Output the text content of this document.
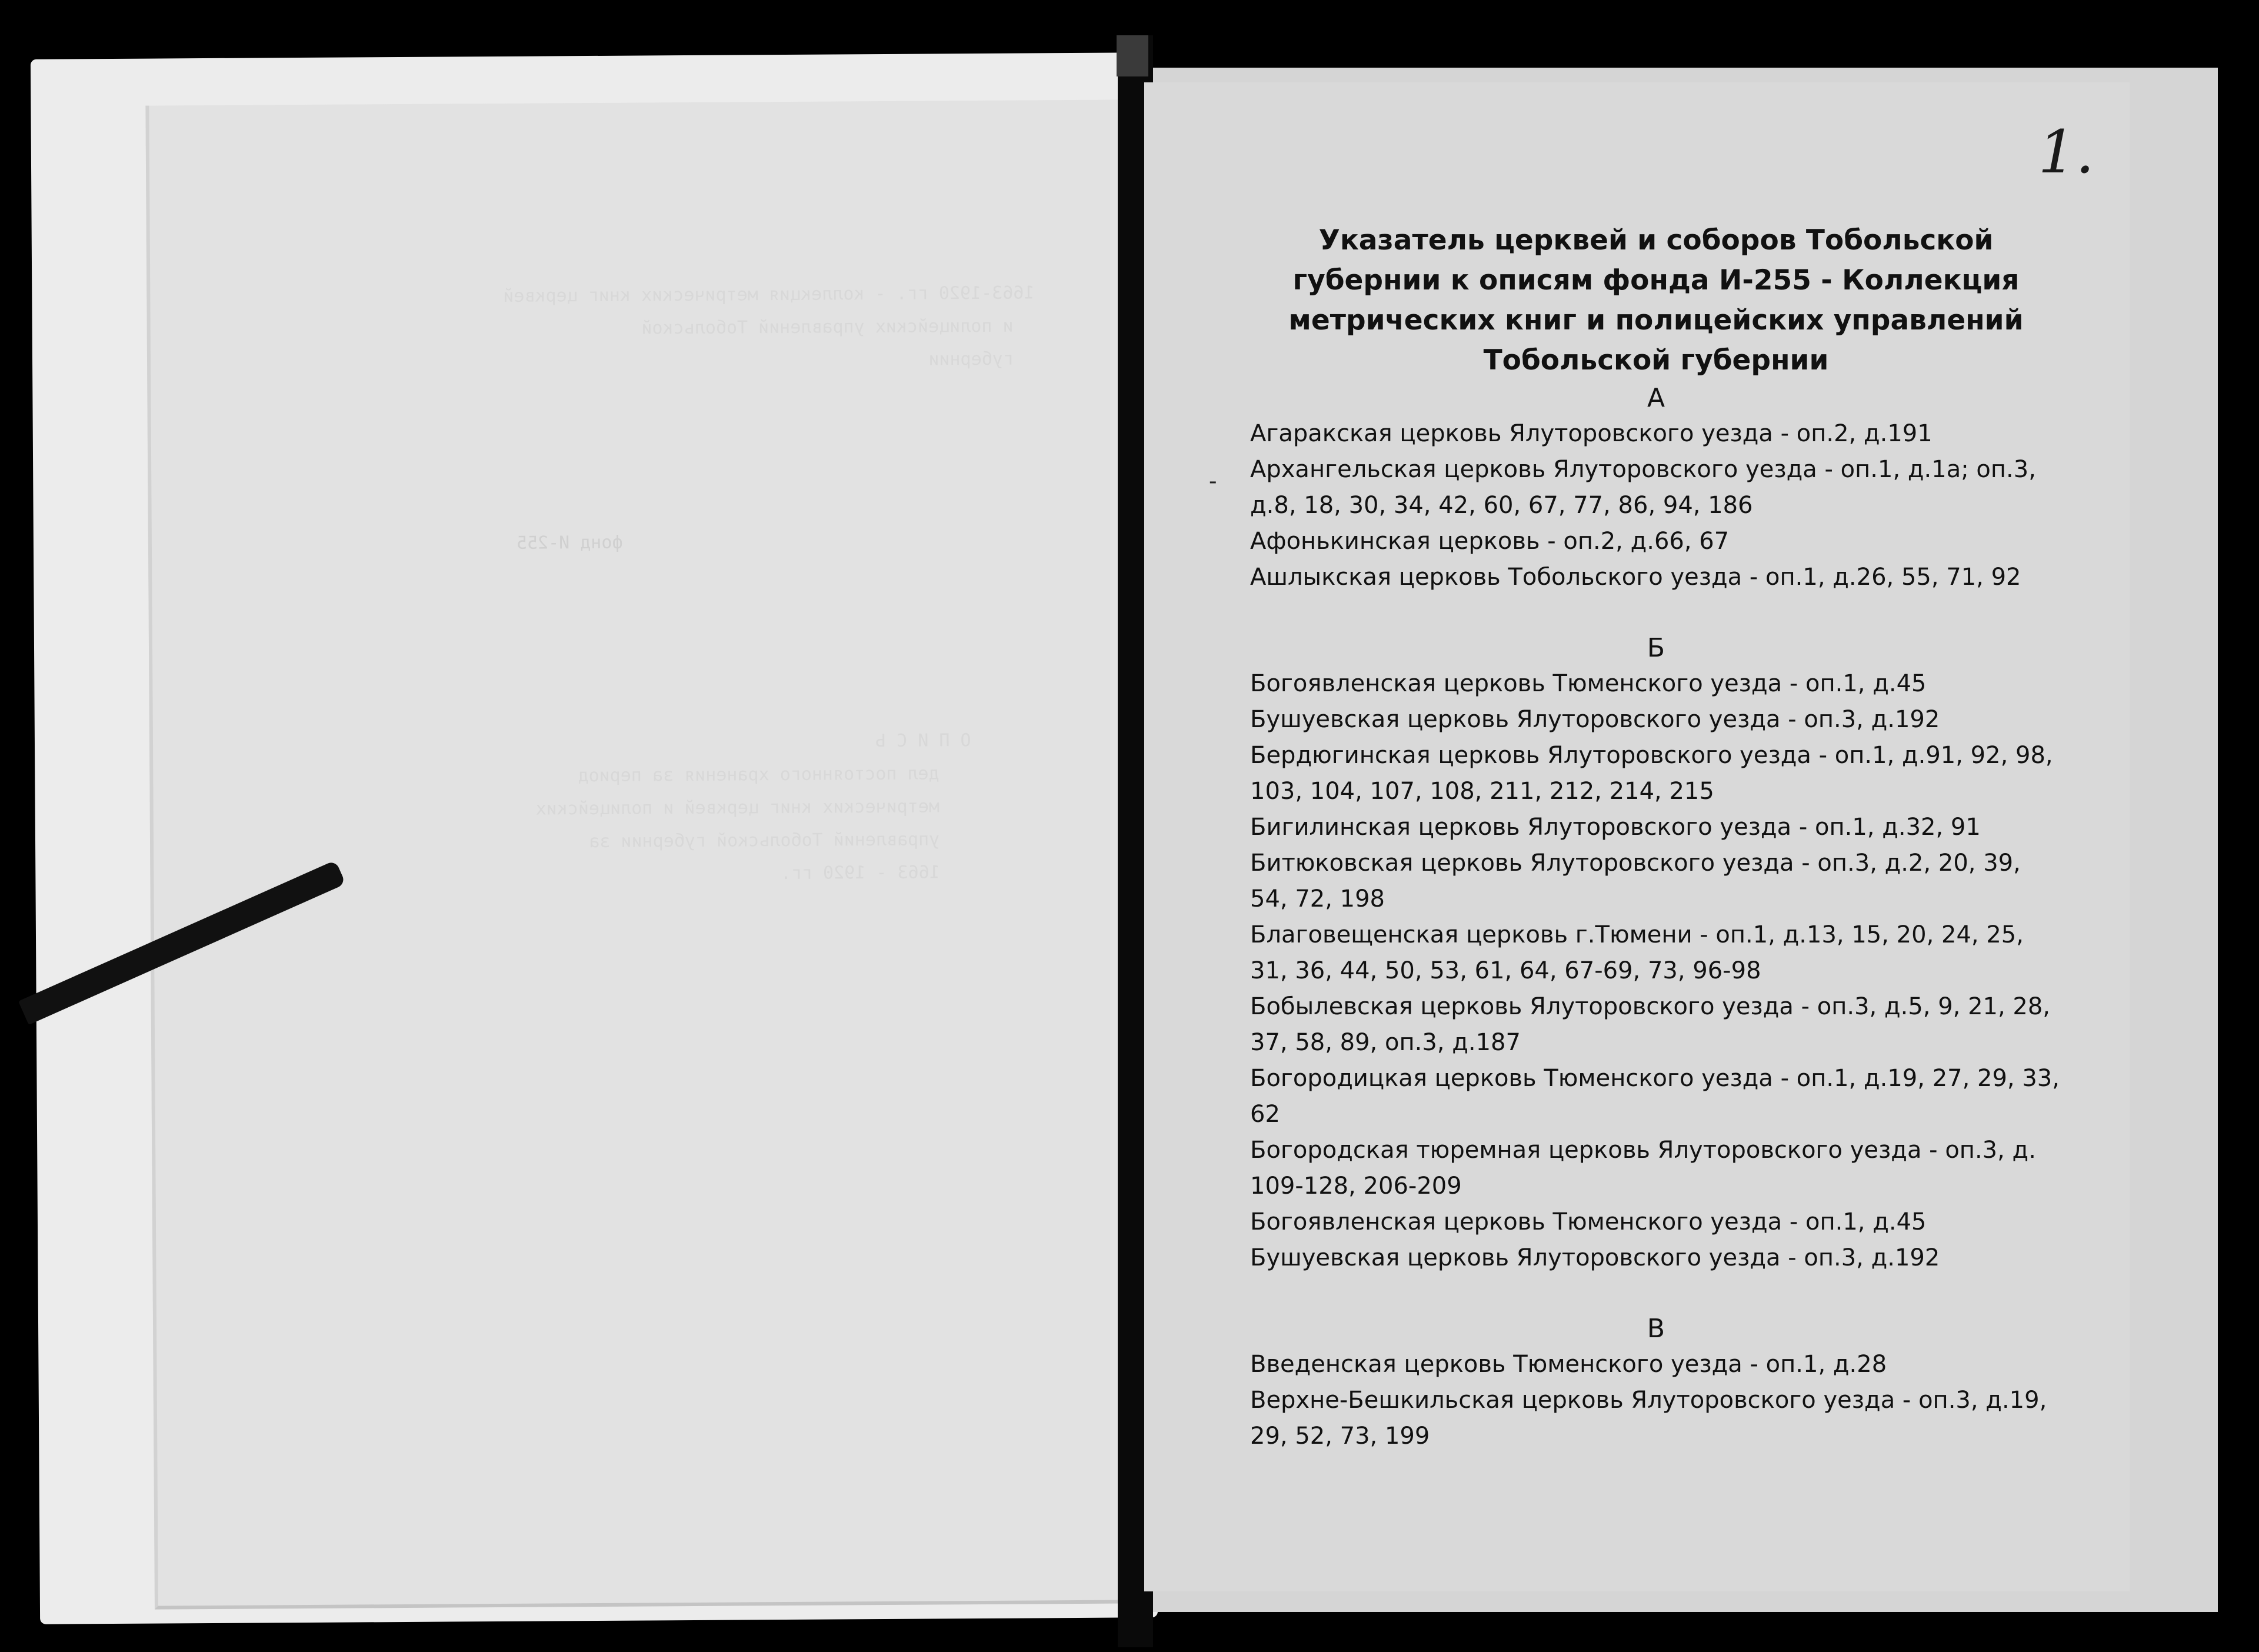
1663-1920 гг. - коллекция метрических книг церквей
и полицейских управлений Тобольской
губернии
фонд И-255
О П И С Ь
дел постоянного хранения за период
метрических книг церквей и полицейских
управлений Тобольской губернии за
1663 - 1920 гг.
1.
-
Указатель церквей и соборов Тобольской губернии к описям фонда И-255 - Коллекция метрических книг и полицейских управлений Тобольской губернии
А
Агаракская церковь Ялуторовского уезда - оп.2, д.191
Архангельская церковь Ялуторовского уезда - оп.1, д.1а; оп.3, д.8, 18, 30, 34, 42, 60, 67, 77, 86, 94, 186
Афонькинская церковь - оп.2, д.66, 67
Ашлыкская церковь Тобольского уезда - оп.1, д.26, 55, 71, 92
Б
Богоявленская церковь Тюменского уезда - оп.1, д.45
Бушуевская церковь Ялуторовского уезда - оп.3, д.192
Бердюгинская церковь Ялуторовского уезда - оп.1, д.91, 92, 98, 103, 104, 107, 108, 211, 212, 214, 215
Бигилинская церковь Ялуторовского уезда - оп.1, д.32, 91
Битюковская церковь Ялуторовского уезда - оп.3, д.2, 20, 39, 54, 72, 198
Благовещенская церковь г.Тюмени - оп.1, д.13, 15, 20, 24, 25, 31, 36, 44, 50, 53, 61, 64, 67-69, 73, 96-98
Бобылевская церковь Ялуторовского уезда - оп.3, д.5, 9, 21, 28, 37, 58, 89, оп.3, д.187
Богородицкая церковь Тюменского уезда - оп.1, д.19, 27, 29, 33, 62
Богородская тюремная церковь Ялуторовского уезда - оп.3, д. 109-128, 206-209
Богоявленская церковь Тюменского уезда - оп.1, д.45
Бушуевская церковь Ялуторовского уезда - оп.3, д.192
В
Введенская церковь Тюменского уезда - оп.1, д.28
Верхне-Бешкильская церковь Ялуторовского уезда - оп.3, д.19, 29, 52, 73, 199
